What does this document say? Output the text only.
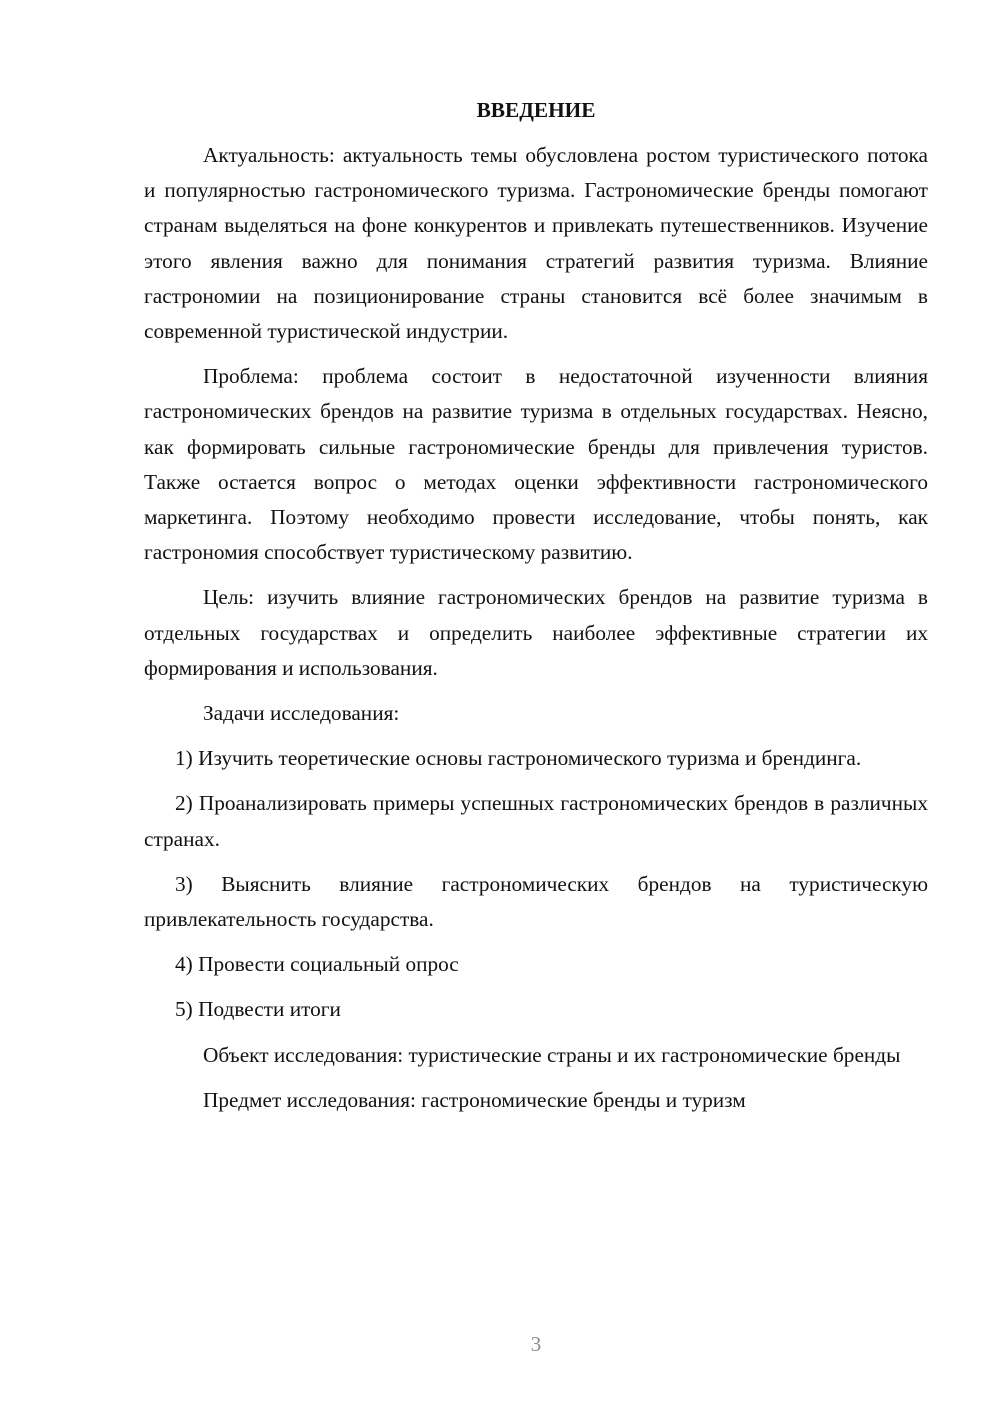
ВВЕДЕНИЕ

Актуальность: актуальность темы обусловлена ростом туристического потока и популярностью гастрономического туризма. Гастрономические бренды помогают странам выделяться на фоне конкурентов и привлекать путешественников. Изучение этого явления важно для понимания стратегий развития туризма. Влияние гастрономии на позиционирование страны становится всё более значимым в современной туристической индустрии.

Проблема: проблема состоит в недостаточной изученности влияния гастрономических брендов на развитие туризма в отдельных государствах. Неясно, как формировать сильные гастрономические бренды для привлечения туристов. Также остается вопрос о методах оценки эффективности гастрономического маркетинга. Поэтому необходимо провести исследование, чтобы понять, как гастрономия способствует туристическому развитию.

Цель: изучить влияние гастрономических брендов на развитие туризма в отдельных государствах и определить наиболее эффективные стратегии их формирования и использования.

Задачи исследования:

1) Изучить теоретические основы гастрономического туризма и брендинга.

2) Проанализировать примеры успешных гастрономических брендов в различных странах.

3) Выяснить влияние гастрономических брендов на туристическую привлекательность государства.

4) Провести социальный опрос

5) Подвести итоги

Объект исследования: туристические страны и их гастрономические бренды

Предмет исследования: гастрономические бренды и туризм

3
